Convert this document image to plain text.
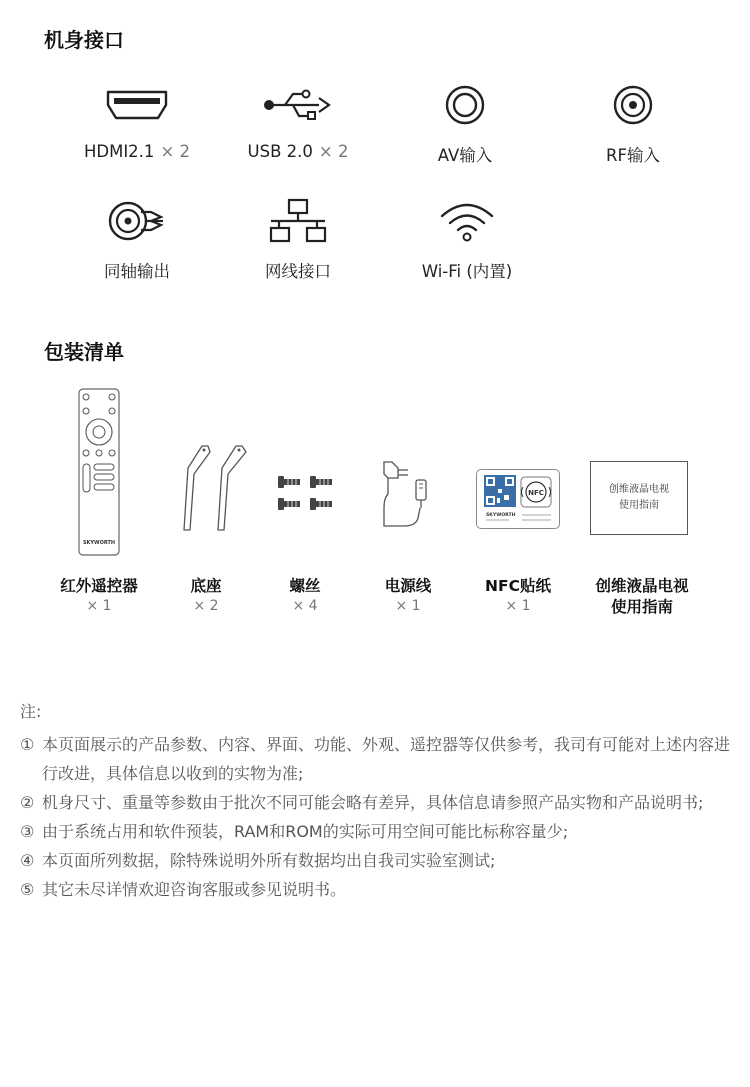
机身接口
HDMI2.1 × 2	USB 2.0 × 2	AV输入	RF输入
同轴输出	网线接口	Wi-Fi (内置)
包装清单
SKYWORTH
红外遥控器
× 1
底座
× 2
螺丝
× 4
电源线
× 1
NFC
SKYWORTH
NFC贴纸
× 1
创维液晶电视
使用指南
创维液晶电视
使用指南
注:
① 本页面展示的产品参数、内容、界面、功能、外观、遥控器等仅供参考，我司有可能对上述内容进行改进，具体信息以收到的实物为准;
② 机身尺寸、重量等参数由于批次不同可能会略有差异，具体信息请参照产品实物和产品说明书;
③ 由于系统占用和软件预装，RAM和ROM的实际可用空间可能比标称容量少;
④ 本页面所列数据，除特殊说明外所有数据均出自我司实验室测试;
⑤ 其它未尽详情欢迎咨询客服或参见说明书。
